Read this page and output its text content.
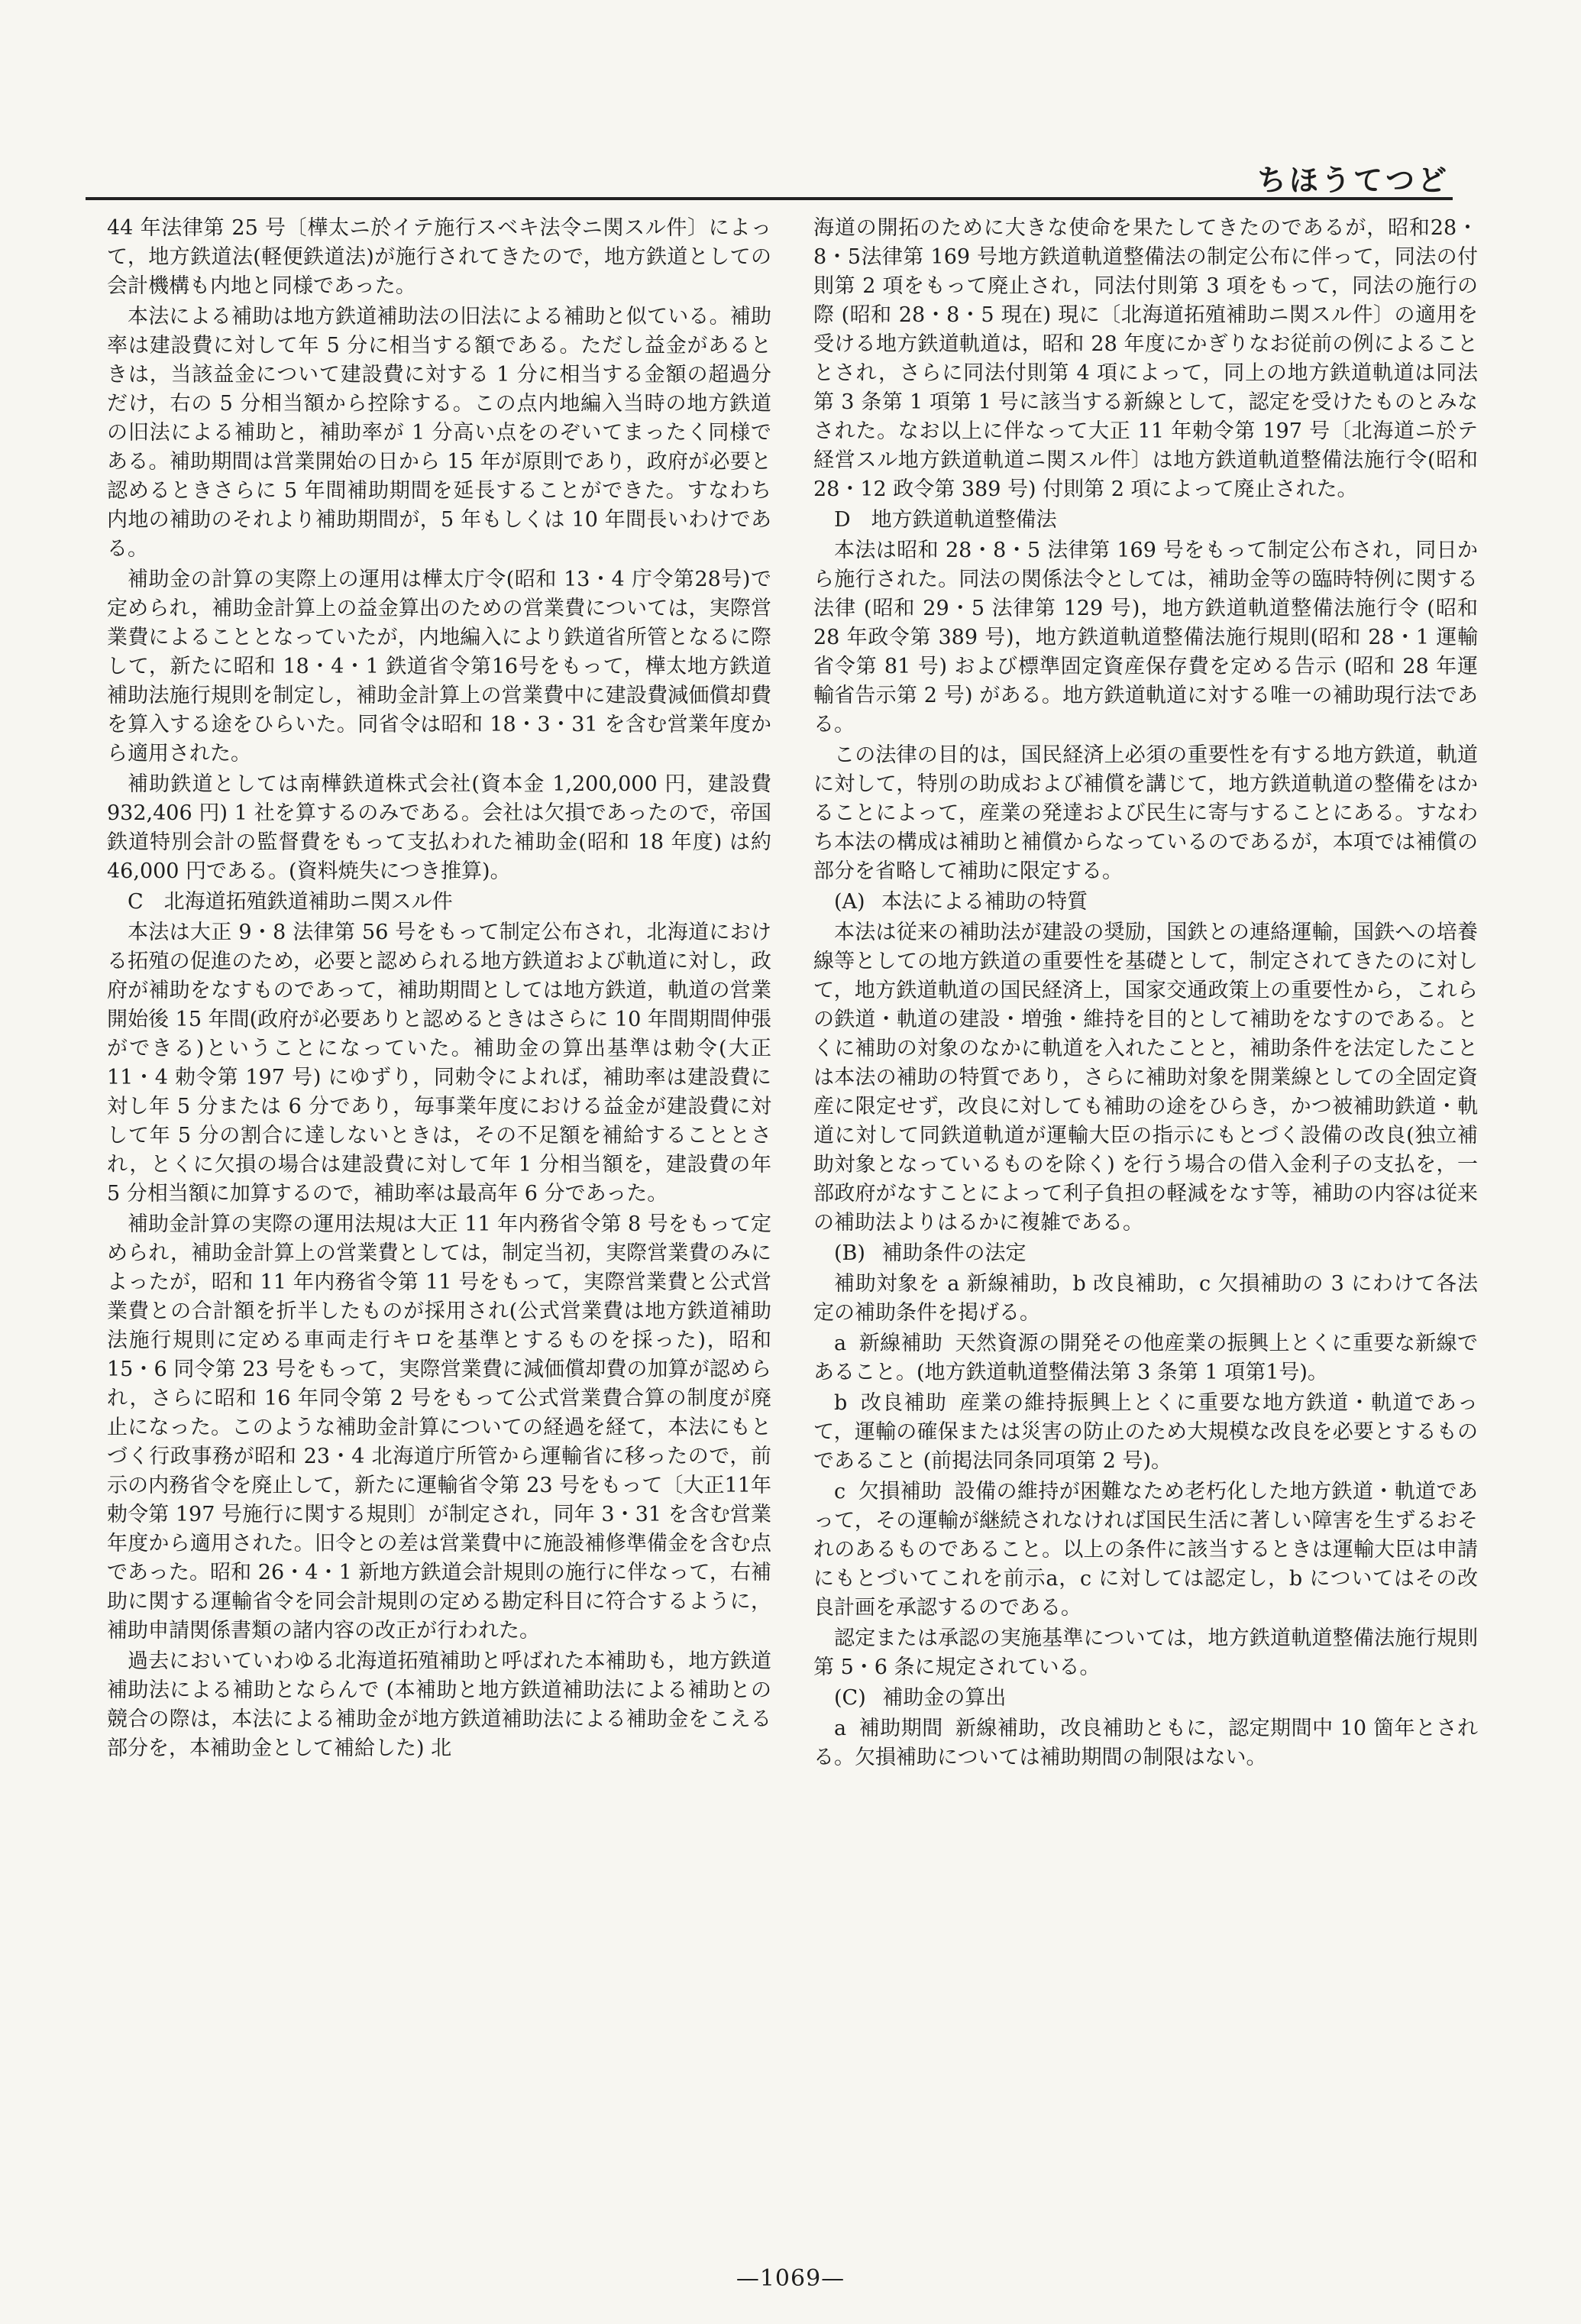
ちほうてつど

44 年法律第 25 号〔樺太ニ於イテ施行スベキ法令ニ関スル件〕によって，地方鉄道法(軽便鉄道法)が施行されてきたので，地方鉄道としての会計機構も内地と同様であった。

本法による補助は地方鉄道補助法の旧法による補助と似ている。補助率は建設費に対して年 5 分に相当する額である。ただし益金があるときは，当該益金について建設費に対する 1 分に相当する金額の超過分だけ，右の 5 分相当額から控除する。この点内地編入当時の地方鉄道の旧法による補助と，補助率が 1 分高い点をのぞいてまったく同様である。補助期間は営業開始の日から 15 年が原則であり，政府が必要と認めるときさらに 5 年間補助期間を延長することができた。すなわち内地の補助のそれより補助期間が，5 年もしくは 10 年間長いわけである。

補助金の計算の実際上の運用は樺太庁令(昭和 13・4 庁令第28号)で定められ，補助金計算上の益金算出のための営業費については，実際営業費によることとなっていたが，内地編入により鉄道省所管となるに際して，新たに昭和 18・4・1 鉄道省令第16号をもって，樺太地方鉄道補助法施行規則を制定し，補助金計算上の営業費中に建設費減価償却費を算入する途をひらいた。同省令は昭和 18・3・31 を含む営業年度から適用された。

補助鉄道としては南樺鉄道株式会社(資本金 1,200,000 円，建設費932,406 円) 1 社を算するのみである。会社は欠損であったので，帝国鉄道特別会計の監督費をもって支払われた補助金(昭和 18 年度) は約 46,000 円である。(資料焼失につき推算)。

C 北海道拓殖鉄道補助ニ関スル件

本法は大正 9・8 法律第 56 号をもって制定公布され，北海道における拓殖の促進のため，必要と認められる地方鉄道および軌道に対し，政府が補助をなすものであって，補助期間としては地方鉄道，軌道の営業開始後 15 年間(政府が必要ありと認めるときはさらに 10 年間期間伸張ができる)ということになっていた。補助金の算出基準は勅令(大正 11・4 勅令第 197 号) にゆずり，同勅令によれば，補助率は建設費に対し年 5 分または 6 分であり，毎事業年度における益金が建設費に対して年 5 分の割合に達しないときは，その不足額を補給することとされ，とくに欠損の場合は建設費に対して年 1 分相当額を，建設費の年 5 分相当額に加算するので，補助率は最高年 6 分であった。

補助金計算の実際の運用法規は大正 11 年内務省令第 8 号をもって定められ，補助金計算上の営業費としては，制定当初，実際営業費のみによったが，昭和 11 年内務省令第 11 号をもって，実際営業費と公式営業費との合計額を折半したものが採用され(公式営業費は地方鉄道補助法施行規則に定める車両走行キロを基準とするものを採った)，昭和 15・6 同令第 23 号をもって，実際営業費に減価償却費の加算が認められ，さらに昭和 16 年同令第 2 号をもって公式営業費合算の制度が廃止になった。このような補助金計算についての経過を経て，本法にもとづく行政事務が昭和 23・4 北海道庁所管から運輸省に移ったので，前示の内務省令を廃止して，新たに運輸省令第 23 号をもって〔大正11年勅令第 197 号施行に関する規則〕が制定され，同年 3・31 を含む営業年度から適用された。旧令との差は営業費中に施設補修準備金を含む点であった。昭和 26・4・1 新地方鉄道会計規則の施行に伴なって，右補助に関する運輸省令を同会計規則の定める勘定科目に符合するように，補助申請関係書類の諸内容の改正が行われた。

過去においていわゆる北海道拓殖補助と呼ばれた本補助も，地方鉄道補助法による補助とならんで (本補助と地方鉄道補助法による補助との競合の際は，本法による補助金が地方鉄道補助法による補助金をこえる部分を，本補助金として補給した) 北

海道の開拓のために大きな使命を果たしてきたのであるが，昭和28・8・5法律第 169 号地方鉄道軌道整備法の制定公布に伴って，同法の付則第 2 項をもって廃止され，同法付則第 3 項をもって，同法の施行の際 (昭和 28・8・5 現在) 現に〔北海道拓殖補助ニ関スル件〕の適用を受ける地方鉄道軌道は，昭和 28 年度にかぎりなお従前の例によることとされ，さらに同法付則第 4 項によって，同上の地方鉄道軌道は同法第 3 条第 1 項第 1 号に該当する新線として，認定を受けたものとみなされた。なお以上に伴なって大正 11 年勅令第 197 号〔北海道ニ於テ経営スル地方鉄道軌道ニ関スル件〕は地方鉄道軌道整備法施行令(昭和 28・12 政令第 389 号) 付則第 2 項によって廃止された。

D 地方鉄道軌道整備法

本法は昭和 28・8・5 法律第 169 号をもって制定公布され，同日から施行された。同法の関係法令としては，補助金等の臨時特例に関する法律 (昭和 29・5 法律第 129 号)，地方鉄道軌道整備法施行令 (昭和 28 年政令第 389 号)，地方鉄道軌道整備法施行規則(昭和 28・1 運輸省令第 81 号) および標準固定資産保存費を定める告示 (昭和 28 年運輸省告示第 2 号) がある。地方鉄道軌道に対する唯一の補助現行法である。

この法律の目的は，国民経済上必須の重要性を有する地方鉄道，軌道に対して，特別の助成および補償を講じて，地方鉄道軌道の整備をはかることによって，産業の発達および民生に寄与することにある。すなわち本法の構成は補助と補償からなっているのであるが，本項では補償の部分を省略して補助に限定する。

(A) 本法による補助の特質

本法は従来の補助法が建設の奨励，国鉄との連絡運輸，国鉄への培養線等としての地方鉄道の重要性を基礎として，制定されてきたのに対して，地方鉄道軌道の国民経済上，国家交通政策上の重要性から，これらの鉄道・軌道の建設・増強・維持を目的として補助をなすのである。とくに補助の対象のなかに軌道を入れたことと，補助条件を法定したことは本法の補助の特質であり，さらに補助対象を開業線としての全固定資産に限定せず，改良に対しても補助の途をひらき，かつ被補助鉄道・軌道に対して同鉄道軌道が運輸大臣の指示にもとづく設備の改良(独立補助対象となっているものを除く) を行う場合の借入金利子の支払を，一部政府がなすことによって利子負担の軽減をなす等，補助の内容は従来の補助法よりはるかに複雑である。

(B) 補助条件の法定

補助対象を a 新線補助，b 改良補助，c 欠損補助の 3 にわけて各法定の補助条件を掲げる。

a 新線補助 天然資源の開発その他産業の振興上とくに重要な新線であること。(地方鉄道軌道整備法第 3 条第 1 項第1号)。

b 改良補助 産業の維持振興上とくに重要な地方鉄道・軌道であって，運輸の確保または災害の防止のため大規模な改良を必要とするものであること (前掲法同条同項第 2 号)。

c 欠損補助 設備の維持が困難なため老朽化した地方鉄道・軌道であって，その運輸が継続されなければ国民生活に著しい障害を生ずるおそれのあるものであること。以上の条件に該当するときは運輸大臣は申請にもとづいてこれを前示a，c に対しては認定し，b についてはその改良計画を承認するのである。

認定または承認の実施基準については，地方鉄道軌道整備法施行規則第 5・6 条に規定されている。

(C) 補助金の算出

a 補助期間 新線補助，改良補助ともに，認定期間中 10 箇年とされる。欠損補助については補助期間の制限はない。

—1069—
